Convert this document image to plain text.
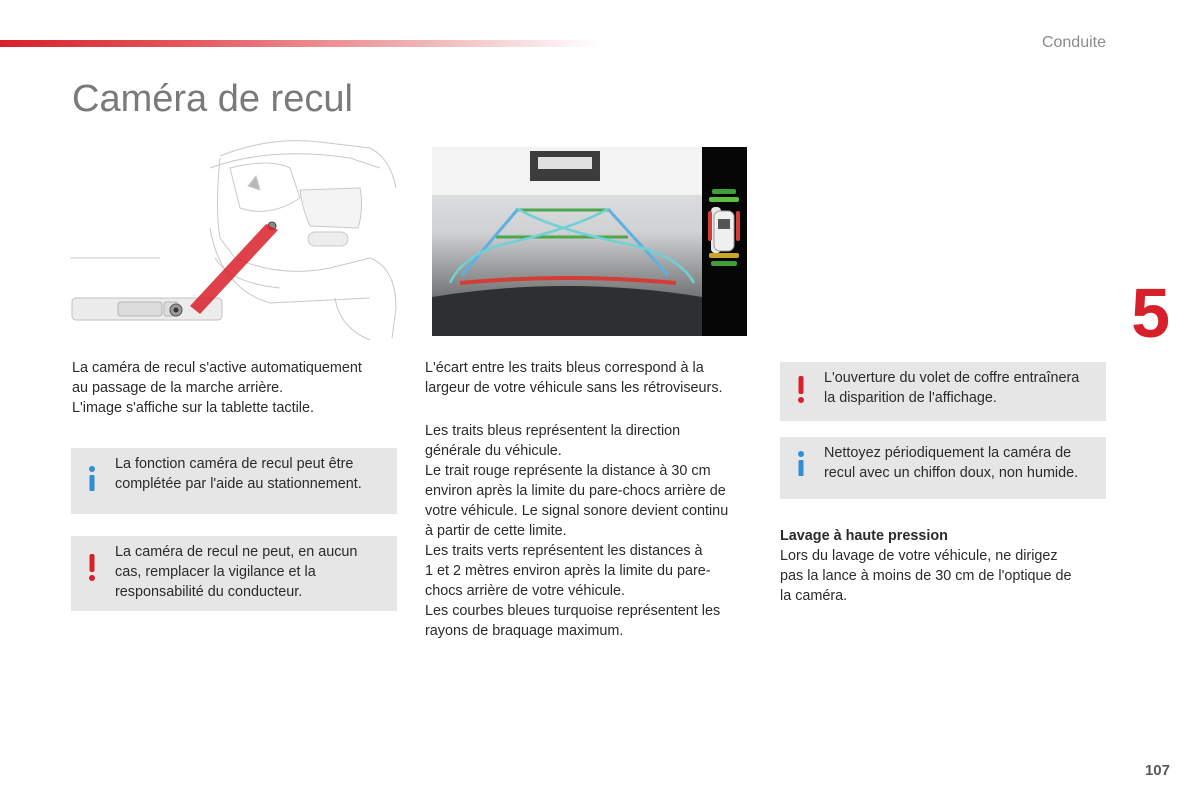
Conduite
Caméra de recul
5
107

La caméra de recul s'active automatiquement

au passage de la marche arrière.

L'image s'affiche sur la tablette tactile.

La fonction caméra de recul peut être
complétée par l'aide au stationnement.
La caméra de recul ne peut, en aucun
cas, remplacer la vigilance et la
responsabilité du conducteur.

L'écart entre les traits bleus correspond à la

largeur de votre véhicule sans les rétroviseurs.

Les traits bleus représentent la direction

générale du véhicule.

Le trait rouge représente la distance à 30 cm

environ après la limite du pare-chocs arrière de

votre véhicule. Le signal sonore devient continu

à partir de cette limite.

Les traits verts représentent les distances à

1 et 2 mètres environ après la limite du pare-

chocs arrière de votre véhicule.

Les courbes bleues turquoise représentent les

rayons de braquage maximum.

L'ouverture du volet de coffre entraînera
la disparition de l'affichage.
Nettoyez périodiquement la caméra de
recul avec un chiffon doux, non humide.

Lavage à haute pression

Lors du lavage de votre véhicule, ne dirigez

pas la lance à moins de 30 cm de l'optique de

la caméra.
